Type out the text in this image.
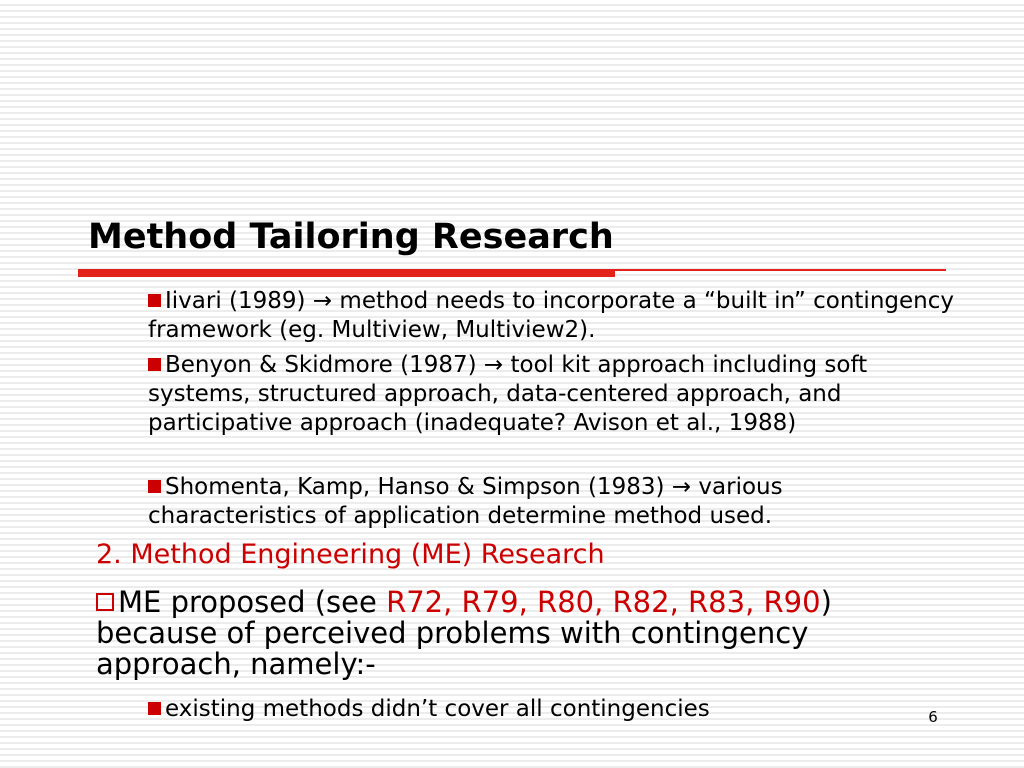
Method Tailoring Research

Iivari (1989) → method needs to incorporate a “built in” contingency framework (eg. Multiview, Multiview2).

Benyon & Skidmore (1987) → tool kit approach including soft systems, structured approach, data-centered approach, and participative approach (inadequate? Avison et al., 1988)

Shomenta, Kamp, Hanso & Simpson (1983) → various characteristics of application determine method used.

2. Method Engineering (ME) Research

ME proposed (see R72, R79, R80, R82, R83, R90) because of perceived problems with contingency approach, namely:-

existing methods didn’t cover all contingencies	6
